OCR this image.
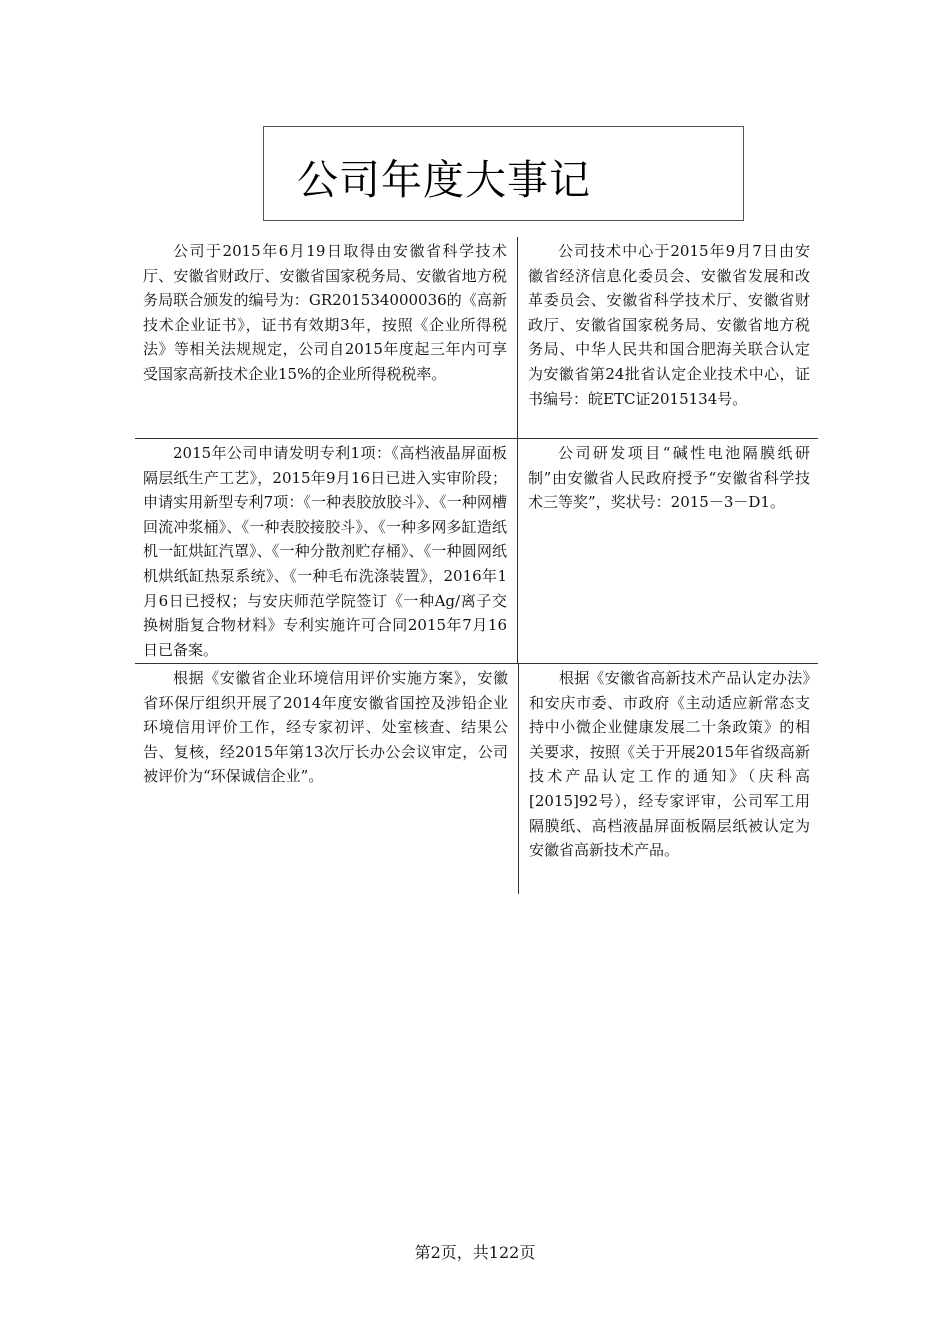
公司年度大事记
公司于2015年6月19日取得由安徽省科学技术厅、安徽省财政厅、安徽省国家税务局、安徽省地方税务局联合颁发的编号为：GR201534000036的《高新技术企业证书》，证书有效期3年，按照《企业所得税法》等相关法规规定，公司自2015年度起三年内可享受国家高新技术企业15%的企业所得税税率。
公司技术中心于2015年9月7日由安徽省经济信息化委员会、安徽省发展和改革委员会、安徽省科学技术厅、安徽省财政厅、安徽省国家税务局、安徽省地方税务局、中华人民共和国合肥海关联合认定为安徽省第24批省认定企业技术中心，证书编号：皖ETC证2015134号。
2015年公司申请发明专利1项：《高档液晶屏面板隔层纸生产工艺》，2015年9月16日已进入实审阶段；申请实用新型专利7项：《一种表胶放胶斗》、《一种网槽回流冲浆桶》、《一种表胶接胶斗》、《一种多网多缸造纸机一缸烘缸汽罩》、《一种分散剂贮存桶》、《一种圆网纸机烘纸缸热泵系统》、《一种毛布洗涤装置》，2016年1月6日已授权；与安庆师范学院签订《一种Ag/离子交换树脂复合物材料》专利实施许可合同2015年7月16日已备案。
公司研发项目“碱性电池隔膜纸研制”由安徽省人民政府授予“安徽省科学技术三等奖”，奖状号：2015－3－D1。
根据《安徽省企业环境信用评价实施方案》，安徽省环保厅组织开展了2014年度安徽省国控及涉铅企业环境信用评价工作，经专家初评、处室核查、结果公告、复核，经2015年第13次厅长办公会议审定，公司被评价为“环保诚信企业”。
根据《安徽省高新技术产品认定办法》和安庆市委、市政府《主动适应新常态支持中小微企业健康发展二十条政策》的相关要求，按照《关于开展2015年省级高新技术产品认定工作的通知》（庆科高[2015]92号），经专家评审，公司军工用隔膜纸、高档液晶屏面板隔层纸被认定为安徽省高新技术产品。
第2页，共122页
